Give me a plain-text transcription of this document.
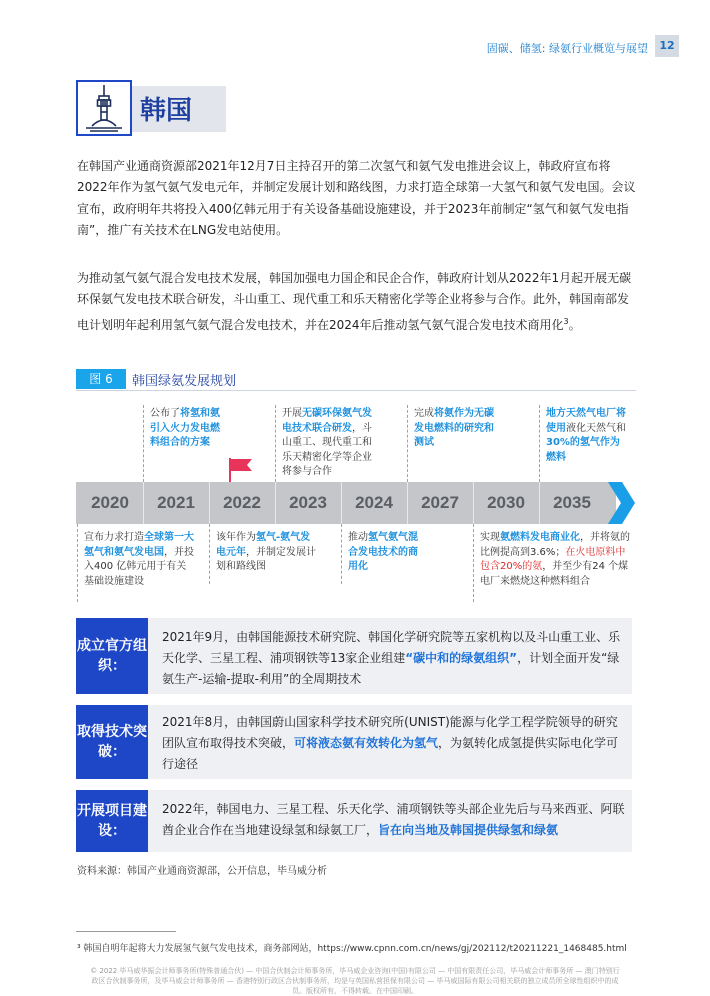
固碳、储氢: 绿氨行业概览与展望	12
韩国

在韩国产业通商资源部2021年12月7日主持召开的第二次氢气和氨气发电推进会议上，韩政府宣布将2022年作为氢气氨气发电元年，并制定发展计划和路线图，力求打造全球第一大氢气和氨气发电国。会议宣布，政府明年共将投入400亿韩元用于有关设备基础设施建设，并于2023年前制定“氢气和氨气发电指南”，推广有关技术在LNG发电站使用。

为推动氢气氨气混合发电技术发展，韩国加强电力国企和民企合作，韩政府计划从2022年1月起开展无碳环保氨气发电技术联合研发，斗山重工、现代重工和乐天精密化学等企业将参与合作。此外，韩国南部发电计划明年起利用氢气氨气混合发电技术，并在2024年后推动氢气氨气混合发电技术商用化$^3$。

图 6	韩国绿氨发展规划
公布了将氢和氨引入火力发电燃料组合的方案
开展无碳环保氨气发电技术联合研发，斗山重工、现代重工和乐天精密化学等企业将参与合作
完成将氨作为无碳发电燃料的研究和测试
地方天然气电厂将使用液化天然气和30%的氢气作为燃料
2020	2021	2022	2023	2024	2027	2030	2035
宣布力求打造全球第一大氢气和氨气发电国，并投入400 亿韩元用于有关基础设施建设
该年作为氢气-氨气发电元年，并制定发展计划和路线图
推动氢气氨气混合发电技术的商用化
实现氨燃料发电商业化，并将氨的比例提高到3.6%；在火电原料中包含20%的氨，并至少有24 个煤电厂来燃烧这种燃料组合
成立官方组织：
2021年9月，由韩国能源技术研究院、韩国化学研究院等五家机构以及斗山重工业、乐天化学、三星工程、浦项钢铁等13家企业组建“碳中和的绿氨组织”，计划全面开发“绿氨生产-运输-提取-利用”的全周期技术
取得技术突破：
2021年8月，由韩国蔚山国家科学技术研究所(UNIST)能源与化学工程学院领导的研究团队宣布取得技术突破，可将液态氨有效转化为氢气，为氨转化成氢提供实际电化学可行途径
开展项目建设：
2022年，韩国电力、三星工程、乐天化学、浦项钢铁等头部企业先后与马来西亚、阿联酋企业合作在当地建设绿氢和绿氨工厂，旨在向当地及韩国提供绿氢和绿氨
资料来源：韩国产业通商资源部，公开信息，毕马威分析
³ 韩国自明年起将大力发展氢气氨气发电技术，商务部网站，https://www.cpnn.com.cn/news/gj/202112/t20211221_1468485.html
© 2022 毕马威华振会计师事务所(特殊普通合伙) — 中国合伙制会计师事务所，毕马威企业咨询(中国)有限公司 — 中国有限责任公司，毕马威会计师事务所 — 澳门特别行政区合伙制事务所，及毕马威会计师事务所 — 香港特别行政区合伙制事务所，均是与英国私营担保有限公司 — 毕马威国际有限公司相关联的独立成员所全球性组织中的成员。版权所有，不得转载。在中国印刷。
